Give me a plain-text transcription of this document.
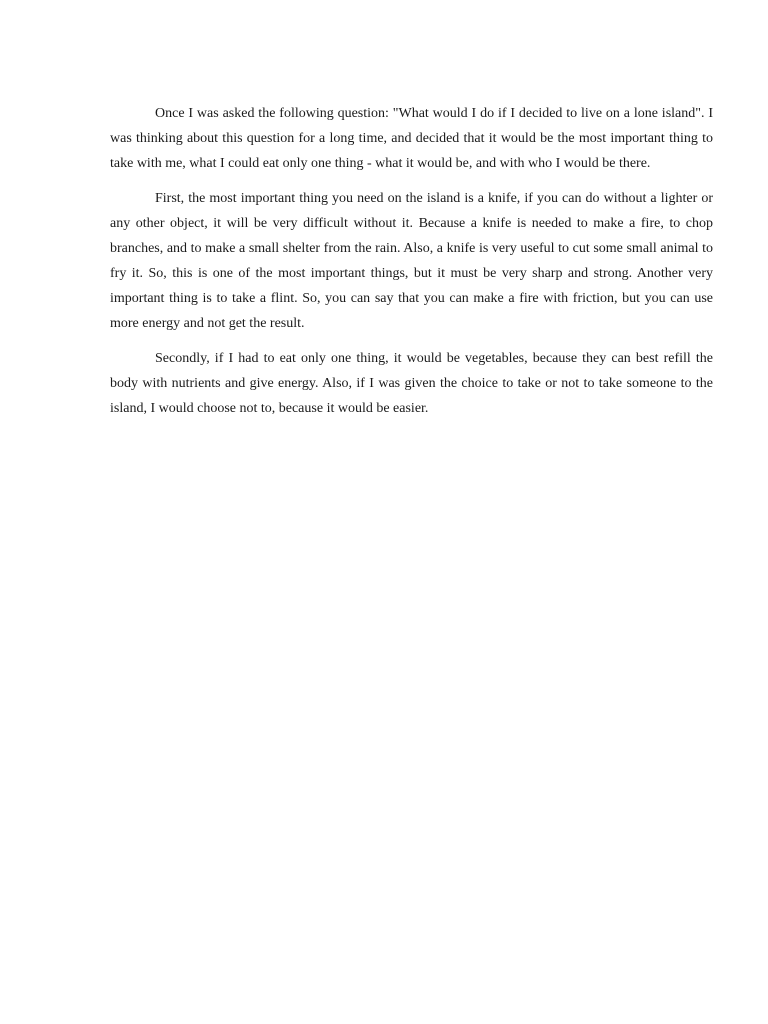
Once I was asked the following question: "What would I do if I decided to live on a lone island". I was thinking about this question for a long time, and decided that it would be the most important thing to take with me, what I could eat only one thing - what it would be, and with who I would be there.

First, the most important thing you need on the island is a knife, if you can do without a lighter or any other object, it will be very difficult without it. Because a knife is needed to make a fire, to chop branches, and to make a small shelter from the rain. Also, a knife is very useful to cut some small animal to fry it. So, this is one of the most important things, but it must be very sharp and strong. Another very important thing is to take a flint. So, you can say that you can make a fire with friction, but you can use more energy and not get the result.

Secondly, if I had to eat only one thing, it would be vegetables, because they can best refill the body with nutrients and give energy. Also, if I was given the choice to take or not to take someone to the island, I would choose not to, because it would be easier.
